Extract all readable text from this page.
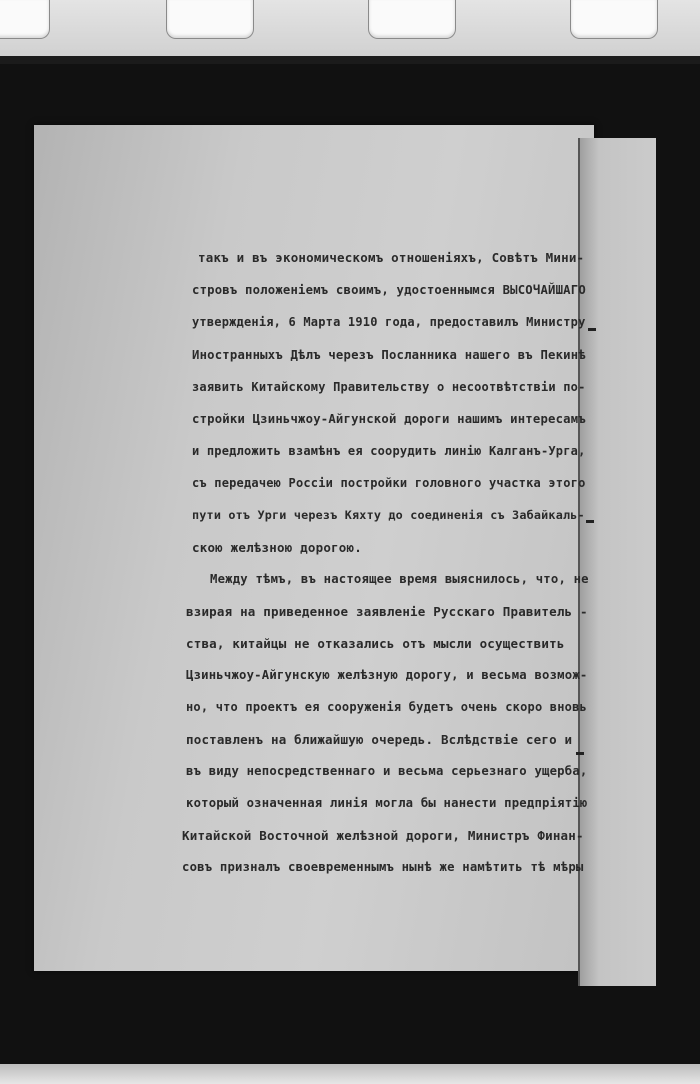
такъ и въ экономическомъ отношеніяхъ, Совѣтъ Мини-
стровъ положеніемъ своимъ, удостоеннымся ВЫСОЧАЙШАГО
утвержденія, 6 Марта 1910 года, предоставилъ Министру
Иностранныхъ Дѣлъ черезъ Посланника нашего въ Пекинѣ
заявить Китайскому Правительству о несоотвѣтствіи по-
стройки Цзиньчжоу-Айгунской дороги нашимъ интересамъ
и предложить взамѣнъ ея соорудить линію Калганъ-Урга,
съ передачею Россіи постройки головного участка этого
пути отъ Урги черезъ Кяхту до соединенія съ Забайкаль-
скою желѣзною дорогою.
Между тѣмъ, въ настоящее время выяснилось, что, не
взирая на приведенное заявленіе Русскаго Правитель -
ства, китайцы не отказались отъ мысли осуществить
Цзиньчжоу-Айгунскую желѣзную дорогу, и весьма возмож-
но, что проектъ ея сооруженія будетъ очень скоро вновь
поставленъ на ближайшую очередь. Вслѣдствіе сего и
въ виду непосредственнаго и весьма серьезнаго ущерба,
который означенная линія могла бы нанести предпріятію
Китайской Восточной желѣзной дороги, Министръ Финан-
совъ призналъ своевременнымъ нынѣ же намѣтить тѣ мѣры
